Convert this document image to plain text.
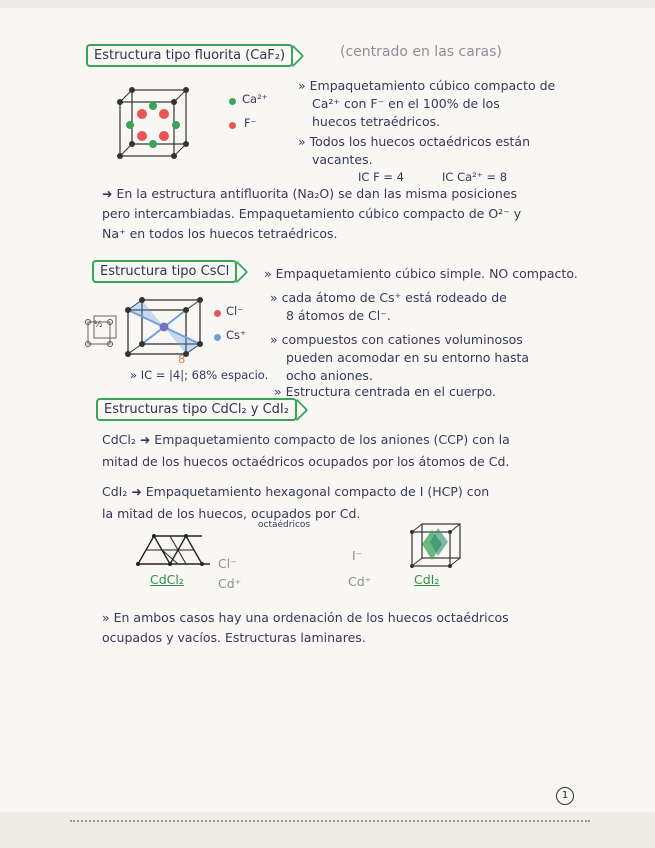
Estructura tipo fluorita (CaF₂)	(centrado en las caras)
Ca²⁺
F⁻
» Empaquetamiento cúbico compacto de
Ca²⁺ con F⁻ en el 100% de los
huecos tetraédricos.
» Todos los huecos octaédricos están
vacantes.
IC F = 4	IC Ca²⁺ = 8
➜ En la estructura antifluorita (Na₂O) se dan las misma posiciones
pero intercambiadas. Empaquetamiento cúbico compacto de O²⁻ y
Na⁺ en todos los huecos tetraédricos.
Estructura tipo CsCl	» Empaquetamiento cúbico simple. NO compacto.
» cada átomo de Cs⁺ está rodeado de
8 átomos de Cl⁻.
½
Cl⁻
Cs⁺
8
» IC = |4|; 68% espacio.
» compuestos con cationes voluminosos
pueden acomodar en su entorno hasta
ocho aniones.
» Estructura centrada en el cuerpo.
Estructuras tipo CdCl₂ y CdI₂
CdCl₂ ➜ Empaquetamiento compacto de los aniones (CCP) con la
mitad de los huecos octaédricos ocupados por los átomos de Cd.
CdI₂ ➜ Empaquetamiento hexagonal compacto de I (HCP) con
la mitad de los huecos, ocupados por Cd.
octaédricos
CdCl₂
Cl⁻
Cd⁺
I⁻
Cd⁺	CdI₂
» En ambos casos hay una ordenación de los huecos octaédricos
ocupados y vacíos. Estructuras laminares.
1
